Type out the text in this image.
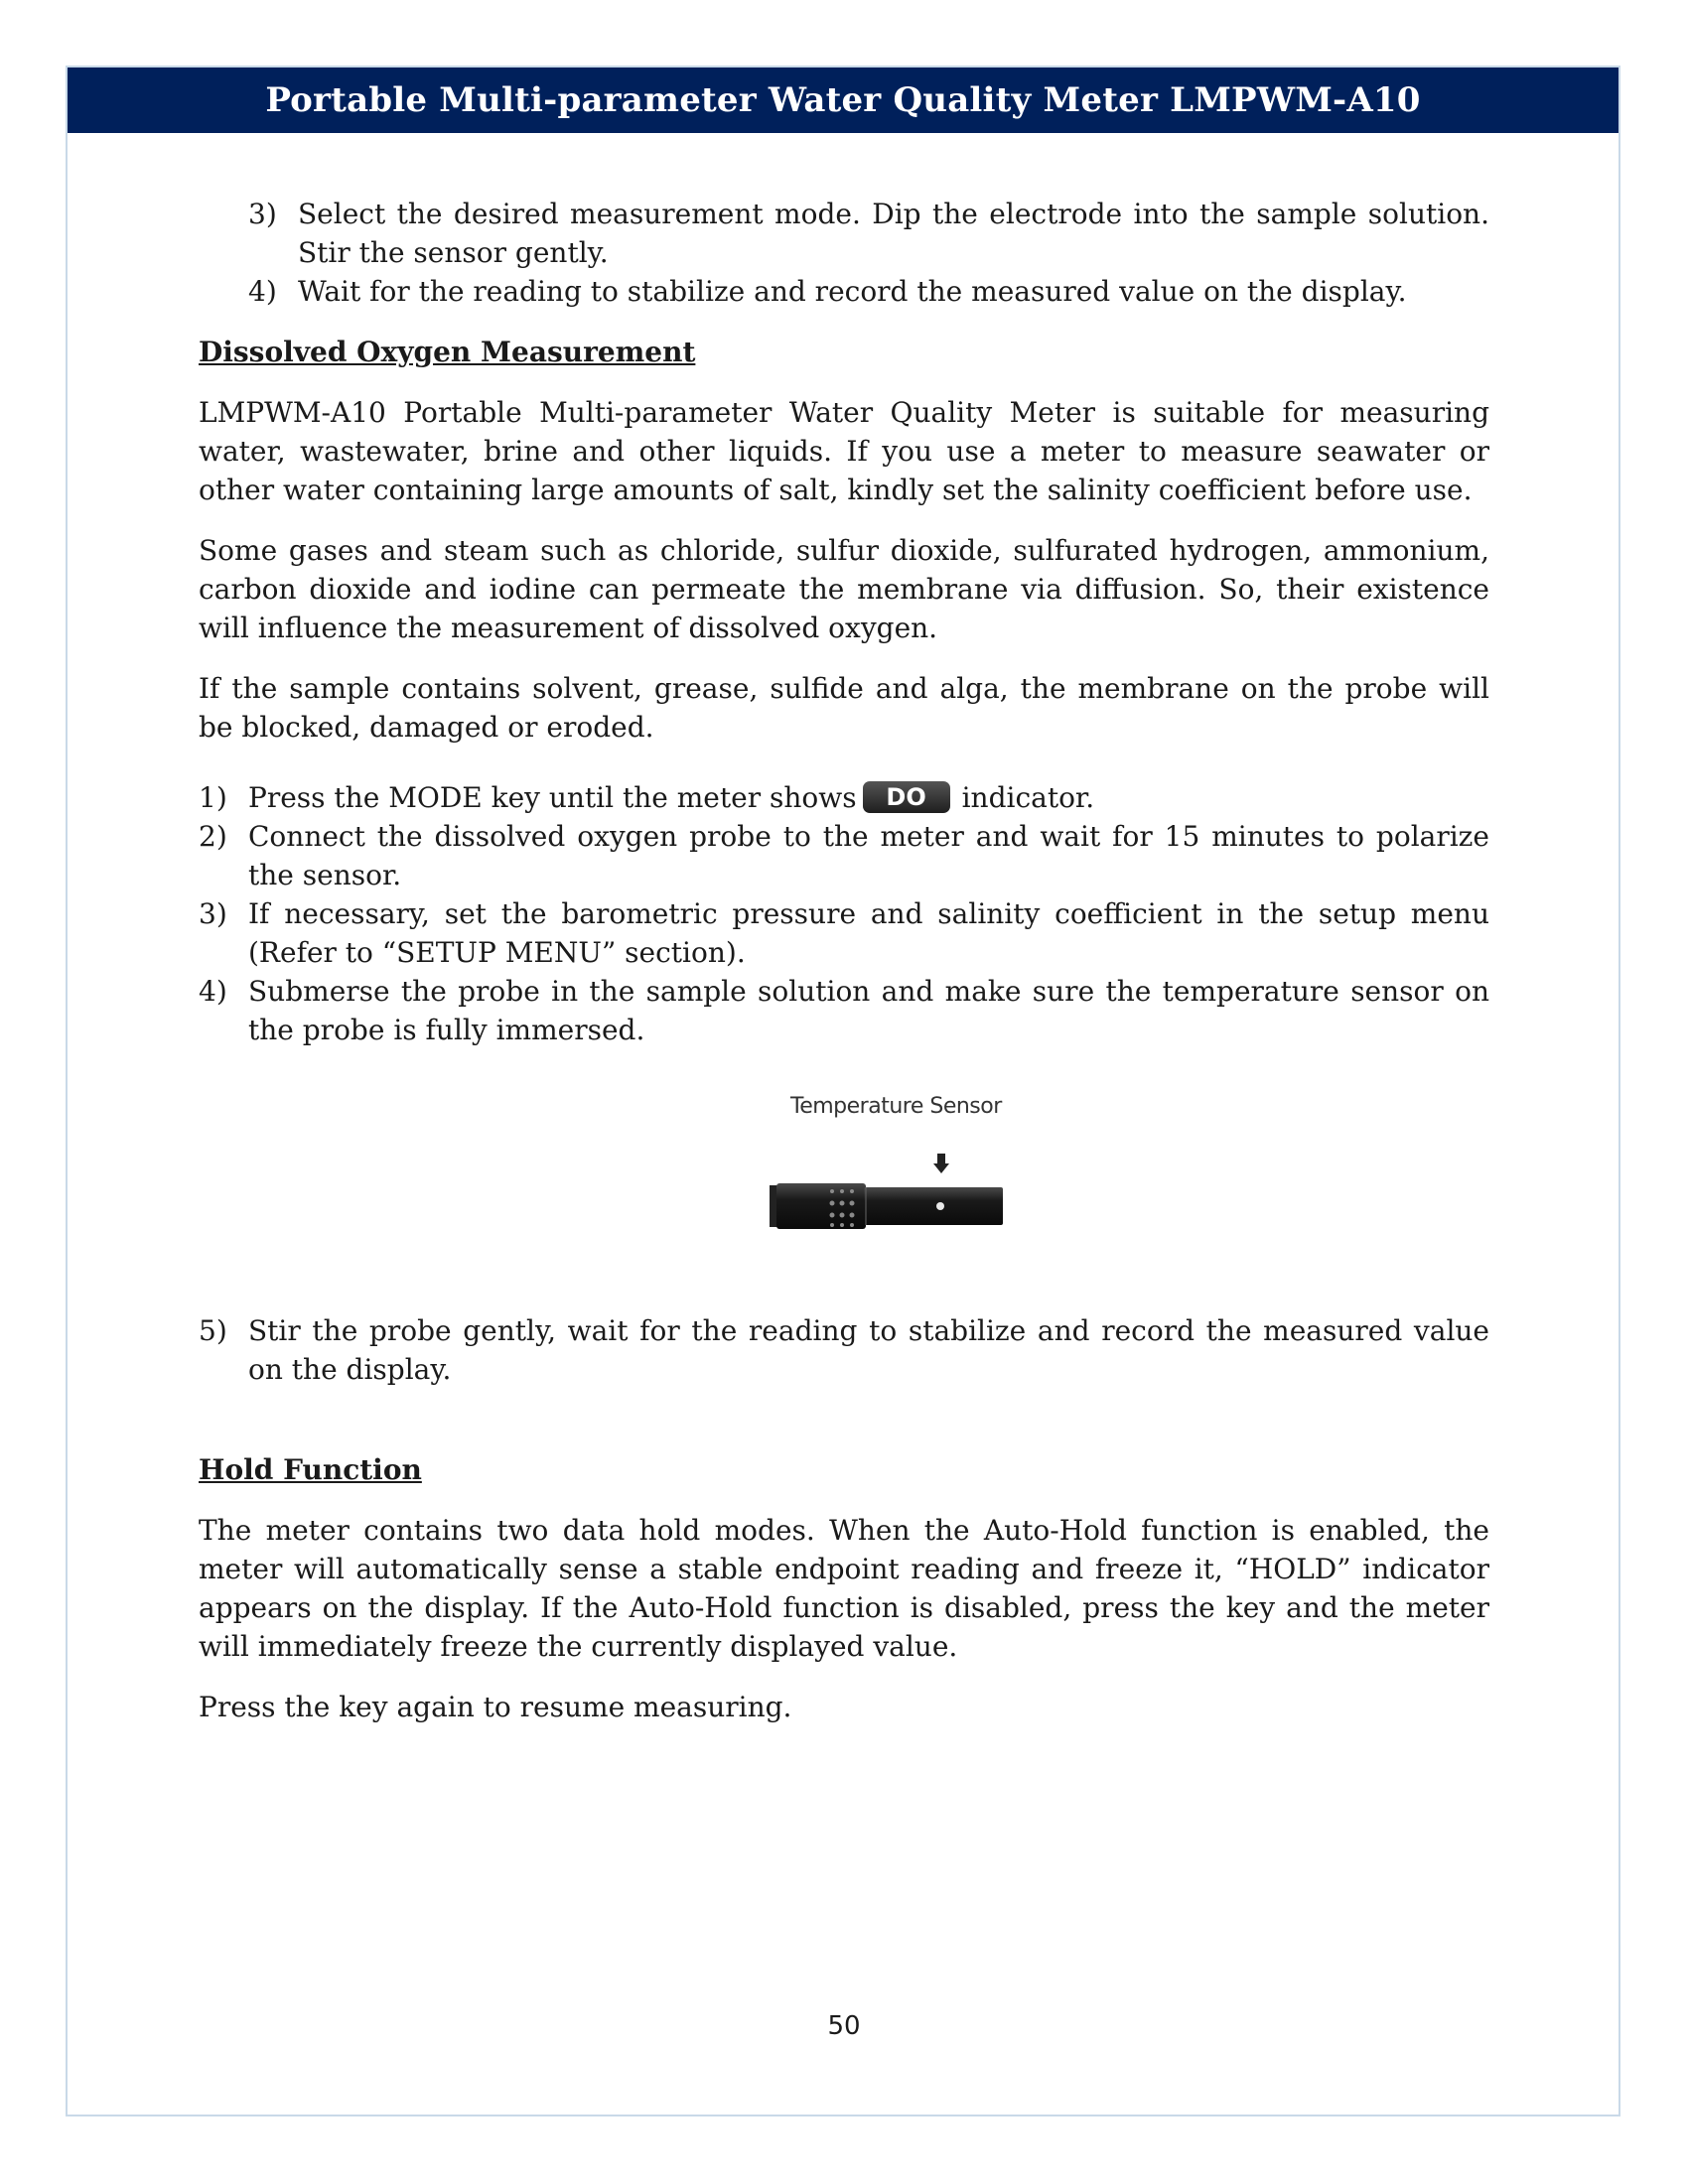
Portable Multi-parameter Water Quality Meter LMPWM-A10
3) Select the desired measurement mode. Dip the electrode into the sample solution. Stir the sensor gently.
4) Wait for the reading to stabilize and record the measured value on the display.
Dissolved Oxygen Measurement

LMPWM-A10 Portable Multi-parameter Water Quality Meter is suitable for measuring water, wastewater, brine and other liquids. If you use a meter to measure seawater or other water containing large amounts of salt, kindly set the salinity coefficient before use.

Some gases and steam such as chloride, sulfur dioxide, sulfurated hydrogen, ammonium, carbon dioxide and iodine can permeate the membrane via diffusion. So, their existence will influence the measurement of dissolved oxygen.

If the sample contains solvent, grease, sulfide and alga, the membrane on the probe will be blocked, damaged or eroded.

1) Press the MODE key until the meter shows DO indicator.
2) Connect the dissolved oxygen probe to the meter and wait for 15 minutes to polarize the sensor.
3) If necessary, set the barometric pressure and salinity coefficient in the setup menu (Refer to “SETUP MENU” section).
4) Submerse the probe in the sample solution and make sure the temperature sensor on the probe is fully immersed.
5) Stir the probe gently, wait for the reading to stabilize and record the measured value on the display.
Hold Function

The meter contains two data hold modes. When the Auto-Hold function is enabled, the meter will automatically sense a stable endpoint reading and freeze it, “HOLD” indicator appears on the display. If the Auto-Hold function is disabled, press the key and the meter will immediately freeze the currently displayed value.

Press the key again to resume measuring.

Temperature Sensor
50
